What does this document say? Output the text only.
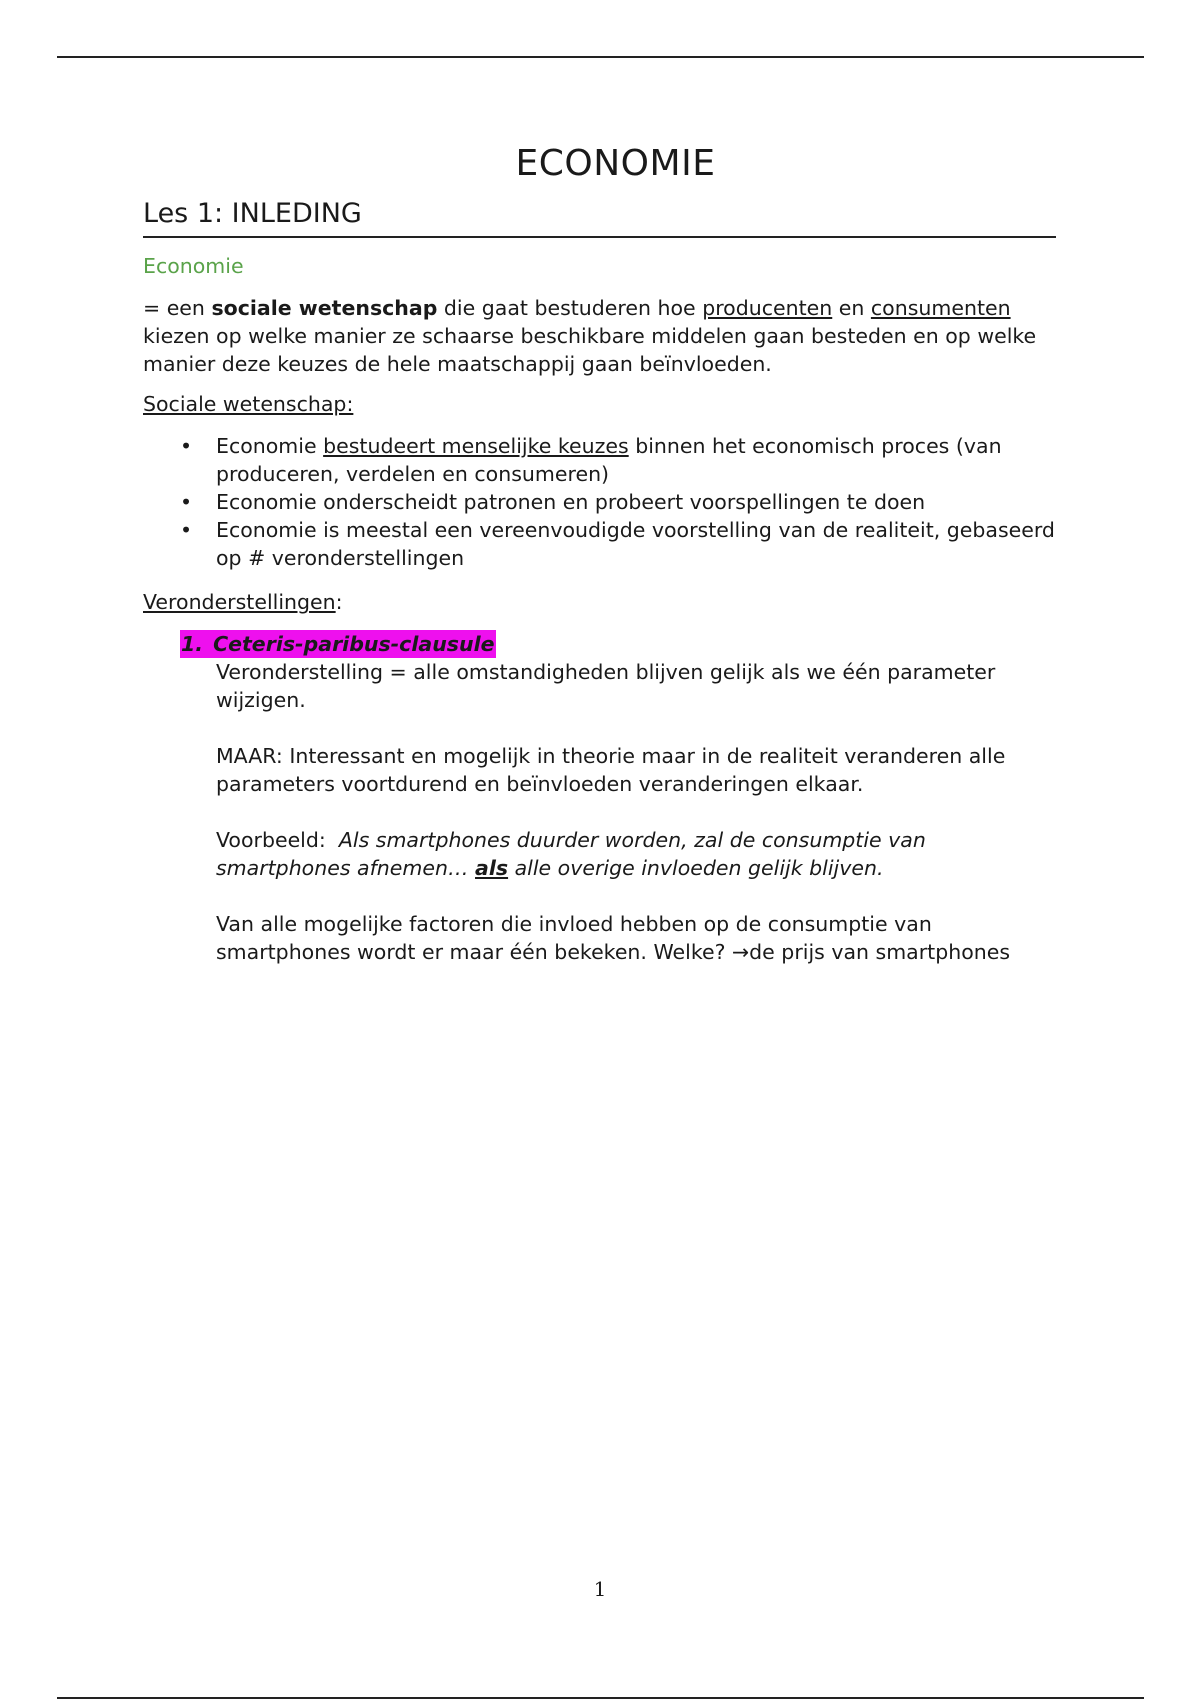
ECONOMIE
Les 1: INLEDING

Economie

= een sociale wetenschap die gaat bestuderen hoe producenten en consumenten kiezen op welke manier ze schaarse beschikbare middelen gaan besteden en op welke manier deze keuzes de hele maatschappij gaan beïnvloeden.

Sociale wetenschap:

• Economie bestudeert menselijke keuzes binnen het economisch proces (van produceren, verdelen en consumeren)
• Economie onderscheidt patronen en probeert voorspellingen te doen
• Economie is meestal een vereenvoudigde voorstelling van de realiteit, gebaseerd op # veronderstellingen

Veronderstellingen:

1. Ceteris-paribus-clausule

Veronderstelling = alle omstandigheden blijven gelijk als we één parameter wijzigen.

MAAR: Interessant en mogelijk in theorie maar in de realiteit veranderen alle parameters voortdurend en beïnvloeden veranderingen elkaar.

Voorbeeld:  Als smartphones duurder worden, zal de consumptie van smartphones afnemen… als alle overige invloeden gelijk blijven.

Van alle mogelijke factoren die invloed hebben op de consumptie van smartphones wordt er maar één bekeken. Welke? →de prijs van smartphones

1
